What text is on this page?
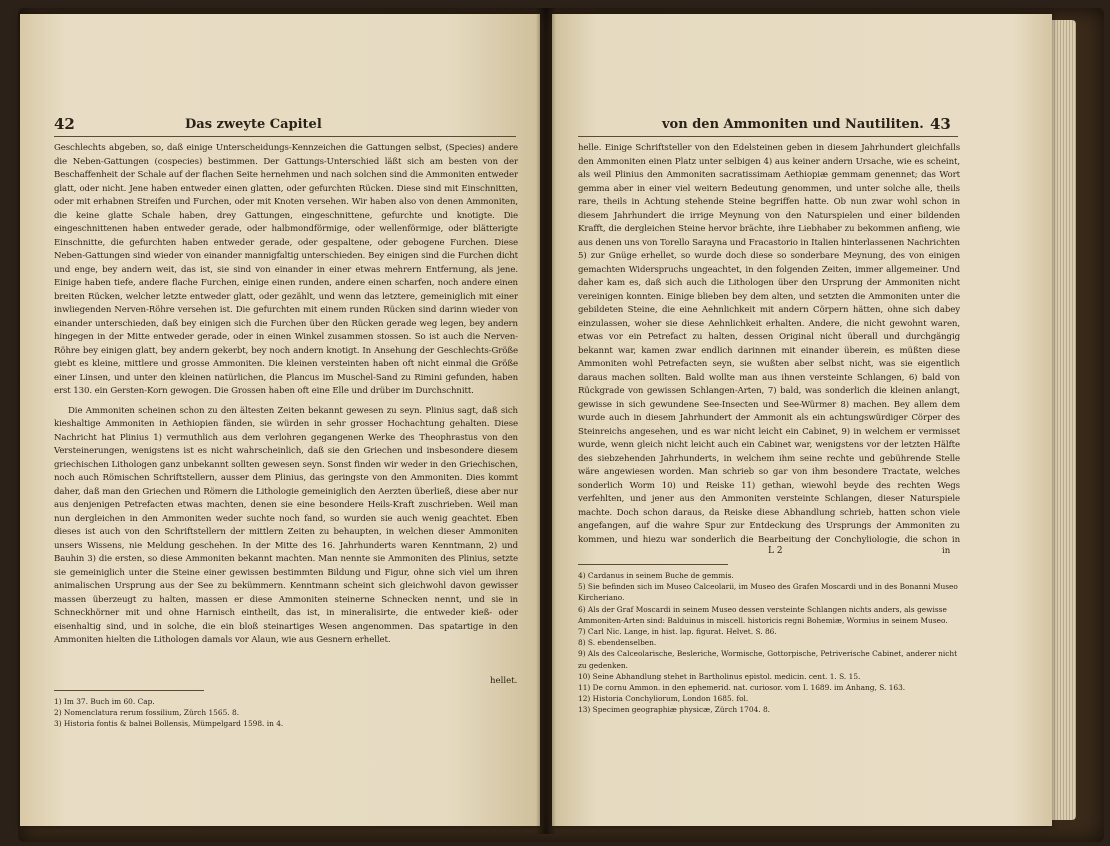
42	Das zweyte Capitel

Geschlechts abgeben, so, daß einige Unterscheidungs-Kennzeichen die Gattungen selbst, (Species) andere die Neben-Gattungen (cospecies) bestimmen. Der Gattungs-Unterschied läßt sich am besten von der Beschaffenheit der Schale auf der flachen Seite hernehmen und nach solchen sind die Ammoniten entweder glatt, oder nicht. Jene haben entweder einen glatten, oder gefurchten Rücken. Diese sind mit Einschnitten, oder mit erhabnen Streifen und Furchen, oder mit Knoten versehen. Wir haben also von denen Ammoniten, die keine glatte Schale haben, drey Gattungen, eingeschnittene, gefurchte und knotigte. Die eingeschnittenen haben entweder gerade, oder halbmondförmige, oder wellenförmige, oder blätterigte Einschnitte, die gefurchten haben entweder gerade, oder gespaltene, oder gebogene Furchen. Diese Neben-Gattungen sind wieder von einander mannigfaltig unterschieden. Bey einigen sind die Furchen dicht und enge, bey andern weit, das ist, sie sind von einander in einer etwas mehrern Entfernung, als jene. Einige haben tiefe, andere flache Furchen, einige einen runden, andere einen scharfen, noch andere einen breiten Rücken, welcher letzte entweder glatt, oder gezählt, und wenn das letztere, gemeiniglich mit einer inwliegenden Nerven-Röhre versehen ist. Die gefurchten mit einem runden Rücken sind darinn wieder von einander unterschieden, daß bey einigen sich die Furchen über den Rücken gerade weg legen, bey andern hingegen in der Mitte entweder gerade, oder in einen Winkel zusammen stossen. So ist auch die Nerven-Röhre bey einigen glatt, bey andern gekerbt, bey noch andern knotigt. In Ansehung der Geschlechts-Größe giebt es kleine, mittlere und grosse Ammoniten. Die kleinen versteinten haben oft nicht einmal die Größe einer Linsen, und unter den kleinen natürlichen, die Plancus im Muschel-Sand zu Rimini gefunden, haben erst 130. ein Gersten-Korn gewogen. Die Grossen haben oft eine Elle und drüber im Durchschnitt.

Die Ammoniten scheinen schon zu den ältesten Zeiten bekannt gewesen zu seyn. Plinius sagt, daß sich kieshaltige Ammoniten in Aethiopien fänden, sie würden in sehr grosser Hochachtung gehalten. Diese Nachricht hat Plinius 1) vermuthlich aus dem verlohren gegangenen Werke des Theophrastus von den Versteinerungen, wenigstens ist es nicht wahrscheinlich, daß sie den Griechen und insbesondere diesem griechischen Lithologen ganz unbekannt sollten gewesen seyn. Sonst finden wir weder in den Griechischen, noch auch Römischen Schriftstellern, ausser dem Plinius, das geringste von den Ammoniten. Dies kommt daher, daß man den Griechen und Römern die Lithologie gemeiniglich den Aerzten überließ, diese aber nur aus denjenigen Petrefacten etwas machten, denen sie eine besondere Heils-Kraft zuschrieben. Weil man nun dergleichen in den Ammoniten weder suchte noch fand, so wurden sie auch wenig geachtet. Eben dieses ist auch von den Schriftstellern der mittlern Zeiten zu behaupten, in welchen dieser Ammoniten unsers Wissens, nie Meldung geschehen. In der Mitte des 16. Jahrhunderts waren Kenntmann, 2) und Bauhin 3) die ersten, so diese Ammoniten bekannt machten. Man nennte sie Ammoniten des Plinius, setzte sie gemeiniglich unter die Steine einer gewissen bestimmten Bildung und Figur, ohne sich viel um ihren animalischen Ursprung aus der See zu bekümmern. Kenntmann scheint sich gleichwohl davon gewisser massen überzeugt zu halten, massen er diese Ammoniten steinerne Schnecken nennt, und sie in Schneckhörner mit und ohne Harnisch eintheilt, das ist, in mineralisirte, die entweder kieß- oder eisenhaltig sind, und in solche, die ein bloß steinartiges Wesen angenommen. Das spatartige in den Ammoniten hielten die Lithologen damals vor Alaun, wie aus Gesnern erhellet.

hellet.
1) Im 37. Buch im 60. Cap.
2) Nomenclatura rerum fossilium, Zürch 1565. 8.
3) Historia fontis & balnei Bollensis, Mümpelgard 1598. in 4.
von den Ammoniten und Nautiliten. 43

helle. Einige Schriftsteller von den Edelsteinen geben in diesem Jahrhundert gleichfalls den Ammoniten einen Platz unter selbigen 4) aus keiner andern Ursache, wie es scheint, als weil Plinius den Ammoniten sacratissimam Aethiopiæ gemmam genennet; das Wort gemma aber in einer viel weitern Bedeutung genommen, und unter solche alle, theils rare, theils in Achtung stehende Steine begriffen hatte. Ob nun zwar wohl schon in diesem Jahrhundert die irrige Meynung von den Naturspielen und einer bildenden Krafft, die dergleichen Steine hervor brächte, ihre Liebhaber zu bekommen anfieng, wie aus denen uns von Torello Sarayna und Fracastorio in Italien hinterlassenen Nachrichten 5) zur Gnüge erhellet, so wurde doch diese so sonderbare Meynung, des von einigen gemachten Widerspruchs ungeachtet, in den folgenden Zeiten, immer allgemeiner. Und daher kam es, daß sich auch die Lithologen über den Ursprung der Ammoniten nicht vereinigen konnten. Einige blieben bey dem alten, und setzten die Ammoniten unter die gebildeten Steine, die eine Aehnlichkeit mit andern Cörpern hätten, ohne sich dabey einzulassen, woher sie diese Aehnlichkeit erhalten. Andere, die nicht gewohnt waren, etwas vor ein Petrefact zu halten, dessen Original nicht überall und durchgängig bekannt war, kamen zwar endlich darinnen mit einander überein, es müßten diese Ammoniten wohl Petrefacten seyn, sie wußten aber selbst nicht, was sie eigentlich daraus machen sollten. Bald wollte man aus ihnen versteinte Schlangen, 6) bald von Rückgrade von gewissen Schlangen-Arten, 7) bald, was sonderlich die kleinen anlangt, gewisse in sich gewundene See-Insecten und See-Würmer 8) machen. Bey allem dem wurde auch in diesem Jahrhundert der Ammonit als ein achtungswürdiger Cörper des Steinreichs angesehen, und es war nicht leicht ein Cabinet, 9) in welchem er vermisset wurde, wenn gleich nicht leicht auch ein Cabinet war, wenigstens vor der letzten Hälfte des siebzehenden Jahrhunderts, in welchem ihm seine rechte und gebührende Stelle wäre angewiesen worden. Man schrieb so gar von ihm besondere Tractate, welches sonderlich Worm 10) und Reiske 11) gethan, wiewohl beyde des rechten Wegs verfehlten, und jener aus den Ammoniten versteinte Schlangen, dieser Naturspiele machte. Doch schon daraus, da Reiske diese Abhandlung schrieb, hatten schon viele angefangen, auf die wahre Spur zur Entdeckung des Ursprungs der Ammoniten zu kommen, und hiezu war sonderlich die Bearbeitung der Conchyliologie, die schon in

L 2	in
4) Cardanus in seinem Buche de gemmis.
5) Sie befinden sich im Museo Calceolarii, im Museo des Grafen Moscardi und in des Bonanni Museo Kircheriano.
6) Als der Graf Moscardi in seinem Museo dessen versteinte Schlangen nichts anders, als gewisse Ammoniten-Arten sind: Balduinus in miscell. historicis regni Bohemiæ, Wormius in seinem Museo.
7) Carl Nic. Lange, in hist. lap. figurat. Helvet. S. 86.
8) S. ebendenselben.
9) Als des Calceolarische, Besleriche, Wormische, Gottorpische, Petriverische Cabinet, anderer nicht zu gedenken.
10) Seine Abhandlung stehet in Bartholinus epistol. medicin. cent. 1. S. 15.
11) De cornu Ammon. in den ephemerid. nat. curiosor. vom I. 1689. im Anhang, S. 163.
12) Historia Conchyliorum, London 1685. fol.
13) Specimen geographiæ physicæ, Zürch 1704. 8.
